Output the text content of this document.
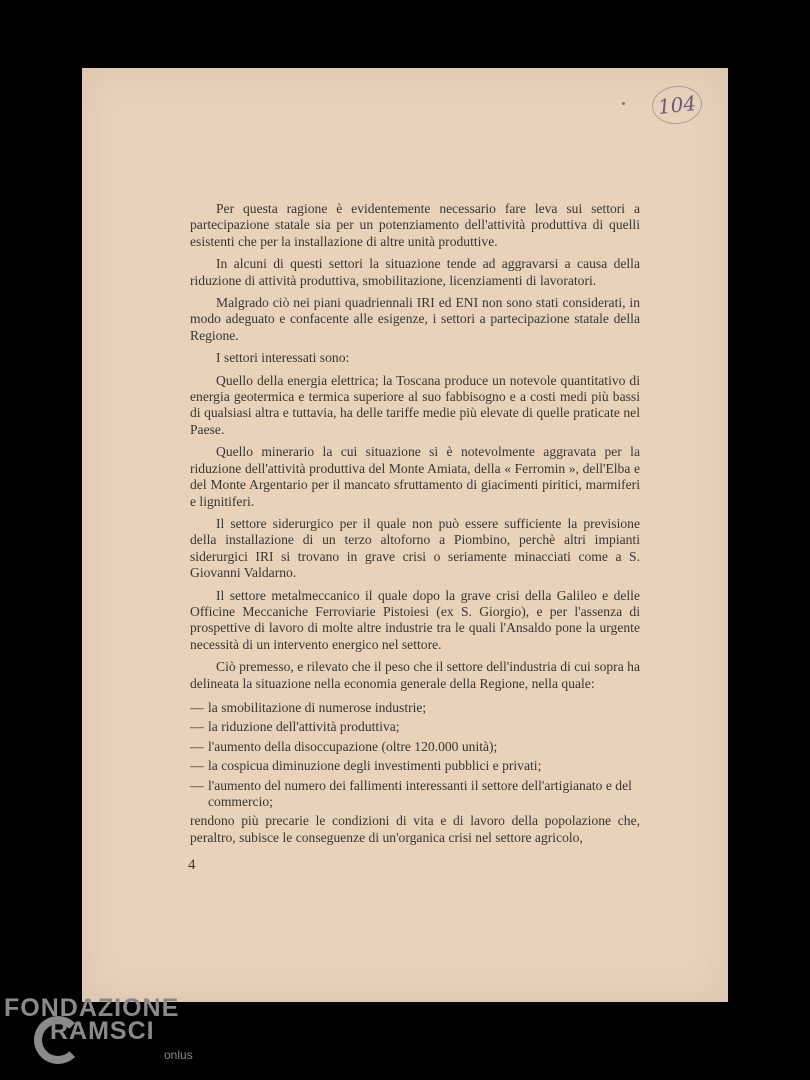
104

Per questa ragione è evidentemente necessario fare leva sui settori a partecipazione statale sia per un potenziamento dell'attività produttiva di quelli esistenti che per la installazione di altre unità produttive.

In alcuni di questi settori la situazione tende ad aggravarsi a causa della riduzione di attività produttiva, smobilitazione, licenziamenti di lavoratori.

Malgrado ciò nei piani quadriennali IRI ed ENI non sono stati considerati, in modo adeguato e confacente alle esigenze, i settori a partecipazione statale della Regione.

I settori interessati sono:

Quello della energia elettrica; la Toscana produce un notevole quantitativo di energia geotermica e termica superiore al suo fabbisogno e a costi medi più bassi di qualsiasi altra e tuttavia, ha delle tariffe medie più elevate di quelle praticate nel Paese.

Quello minerario la cui situazione si è notevolmente aggravata per la riduzione dell'attività produttiva del Monte Amiata, della « Ferromin », dell'Elba e del Monte Argentario per il mancato sfruttamento di giacimenti piritici, marmiferi e lignitiferi.

Il settore siderurgico per il quale non può essere sufficiente la previsione della installazione di un terzo altoforno a Piombino, perchè altri impianti siderurgici IRI si trovano in grave crisi o seriamente minacciati come a S. Giovanni Valdarno.

Il settore metalmeccanico il quale dopo la grave crisi della Galileo e delle Officine Meccaniche Ferroviarie Pistoiesi (ex S. Giorgio), e per l'assenza di prospettive di lavoro di molte altre industrie tra le quali l'Ansaldo pone la urgente necessità di un intervento energico nel settore.

Ciò premesso, e rilevato che il peso che il settore dell'industria di cui sopra ha delineata la situazione nella economia generale della Regione, nella quale:

— la smobilitazione di numerose industrie;
— la riduzione dell'attività produttiva;
— l'aumento della disoccupazione (oltre 120.000 unità);
— la cospicua diminuzione degli investimenti pubblici e privati;
— l'aumento del numero dei fallimenti interessanti il settore dell'artigianato e del commercio;

rendono più precarie le condizioni di vita e di lavoro della popolazione che, peraltro, subisce le conseguenze di un'organica crisi nel settore agricolo,

4
FONDAZIONE
RAMSCI
onlus
